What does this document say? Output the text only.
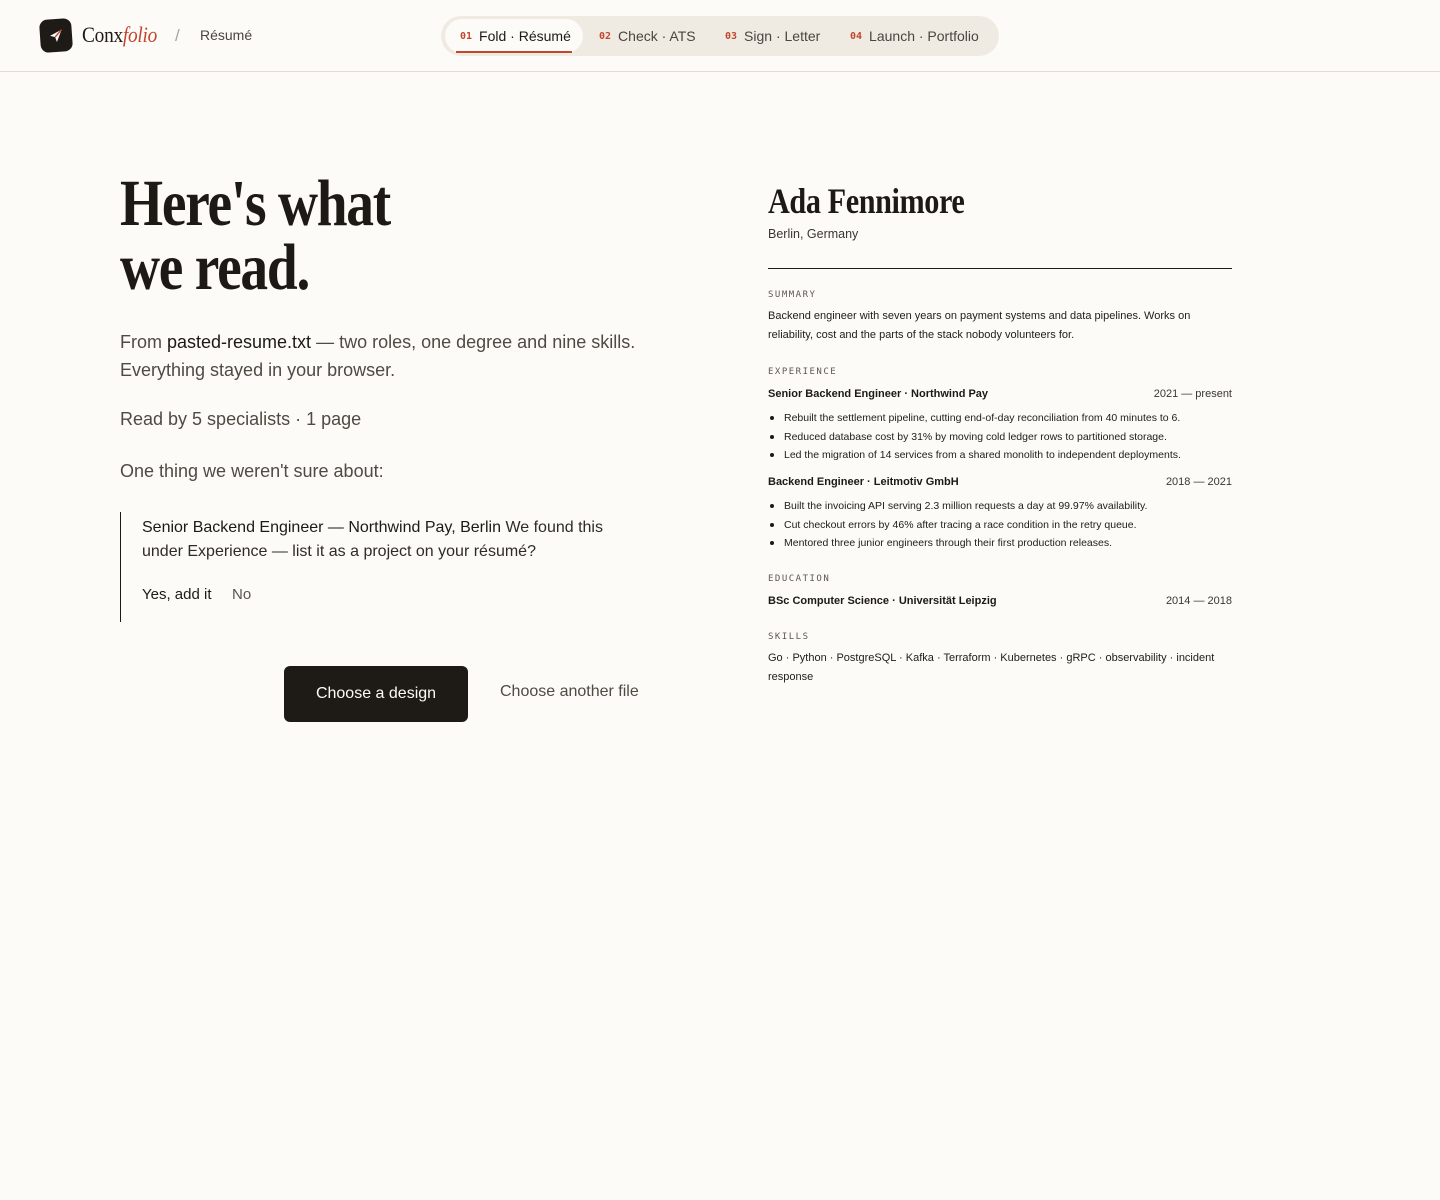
Conxfolio / Résumé	01 Fold · Résumé	02 Check · ATS	03 Sign · Letter	04 Launch · Portfolio
Here's what
we read.

From pasted-resume.txt — two roles, one degree and nine skills. Everything stayed in your browser.

Read by 5 specialists · 1 page

One thing we weren't sure about:

Senior Backend Engineer — Northwind Pay, Berlin We found this under Experience — list it as a project on your résumé?

Yes, add it No
Choose a design	Choose another file
Ada Fennimore
Berlin, Germany
SUMMARY

Backend engineer with seven years on payment systems and data pipelines. Works on reliability, cost and the parts of the stack nobody volunteers for.

EXPERIENCE
Senior Backend Engineer · Northwind Pay	2021 — present
Rebuilt the settlement pipeline, cutting end-of-day reconciliation from 40 minutes to 6.
Reduced database cost by 31% by moving cold ledger rows to partitioned storage.
Led the migration of 14 services from a shared monolith to independent deployments.
Backend Engineer · Leitmotiv GmbH	2018 — 2021
Built the invoicing API serving 2.3 million requests a day at 99.97% availability.
Cut checkout errors by 46% after tracing a race condition in the retry queue.
Mentored three junior engineers through their first production releases.
EDUCATION
BSc Computer Science · Universität Leipzig	2014 — 2018
SKILLS

Go · Python · PostgreSQL · Kafka · Terraform · Kubernetes · gRPC · observability · incident response
